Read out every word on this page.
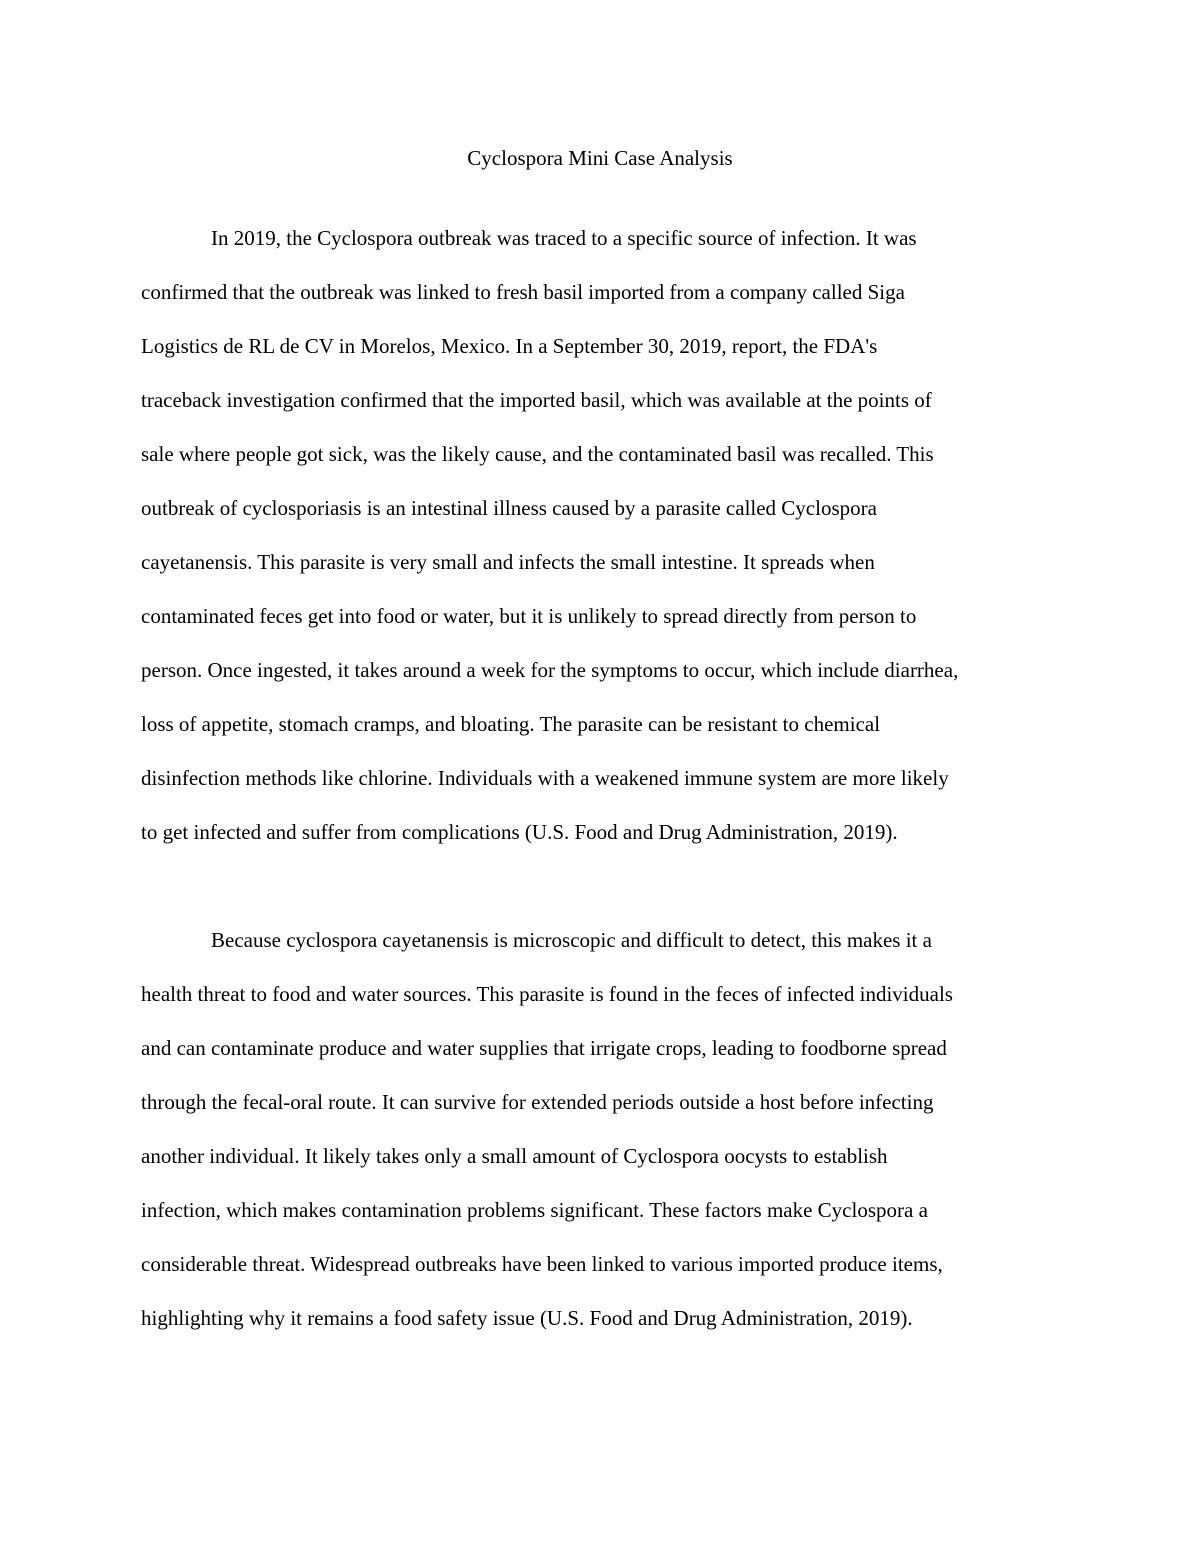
Cyclospora Mini Case Analysis

In 2019, the Cyclospora outbreak was traced to a specific source of infection. It was
confirmed that the outbreak was linked to fresh basil imported from a company called Siga
Logistics de RL de CV in Morelos, Mexico. In a September 30, 2019, report, the FDA's
traceback investigation confirmed that the imported basil, which was available at the points of
sale where people got sick, was the likely cause, and the contaminated basil was recalled. This
outbreak of cyclosporiasis is an intestinal illness caused by a parasite called Cyclospora
cayetanensis. This parasite is very small and infects the small intestine. It spreads when
contaminated feces get into food or water, but it is unlikely to spread directly from person to
person. Once ingested, it takes around a week for the symptoms to occur, which include diarrhea,
loss of appetite, stomach cramps, and bloating. The parasite can be resistant to chemical
disinfection methods like chlorine. Individuals with a weakened immune system are more likely
to get infected and suffer from complications (U.S. Food and Drug Administration, 2019).

Because cyclospora cayetanensis is microscopic and difficult to detect, this makes it a
health threat to food and water sources. This parasite is found in the feces of infected individuals
and can contaminate produce and water supplies that irrigate crops, leading to foodborne spread
through the fecal-oral route. It can survive for extended periods outside a host before infecting
another individual. It likely takes only a small amount of Cyclospora oocysts to establish
infection, which makes contamination problems significant. These factors make Cyclospora a
considerable threat. Widespread outbreaks have been linked to various imported produce items,
highlighting why it remains a food safety issue (U.S. Food and Drug Administration, 2019).
